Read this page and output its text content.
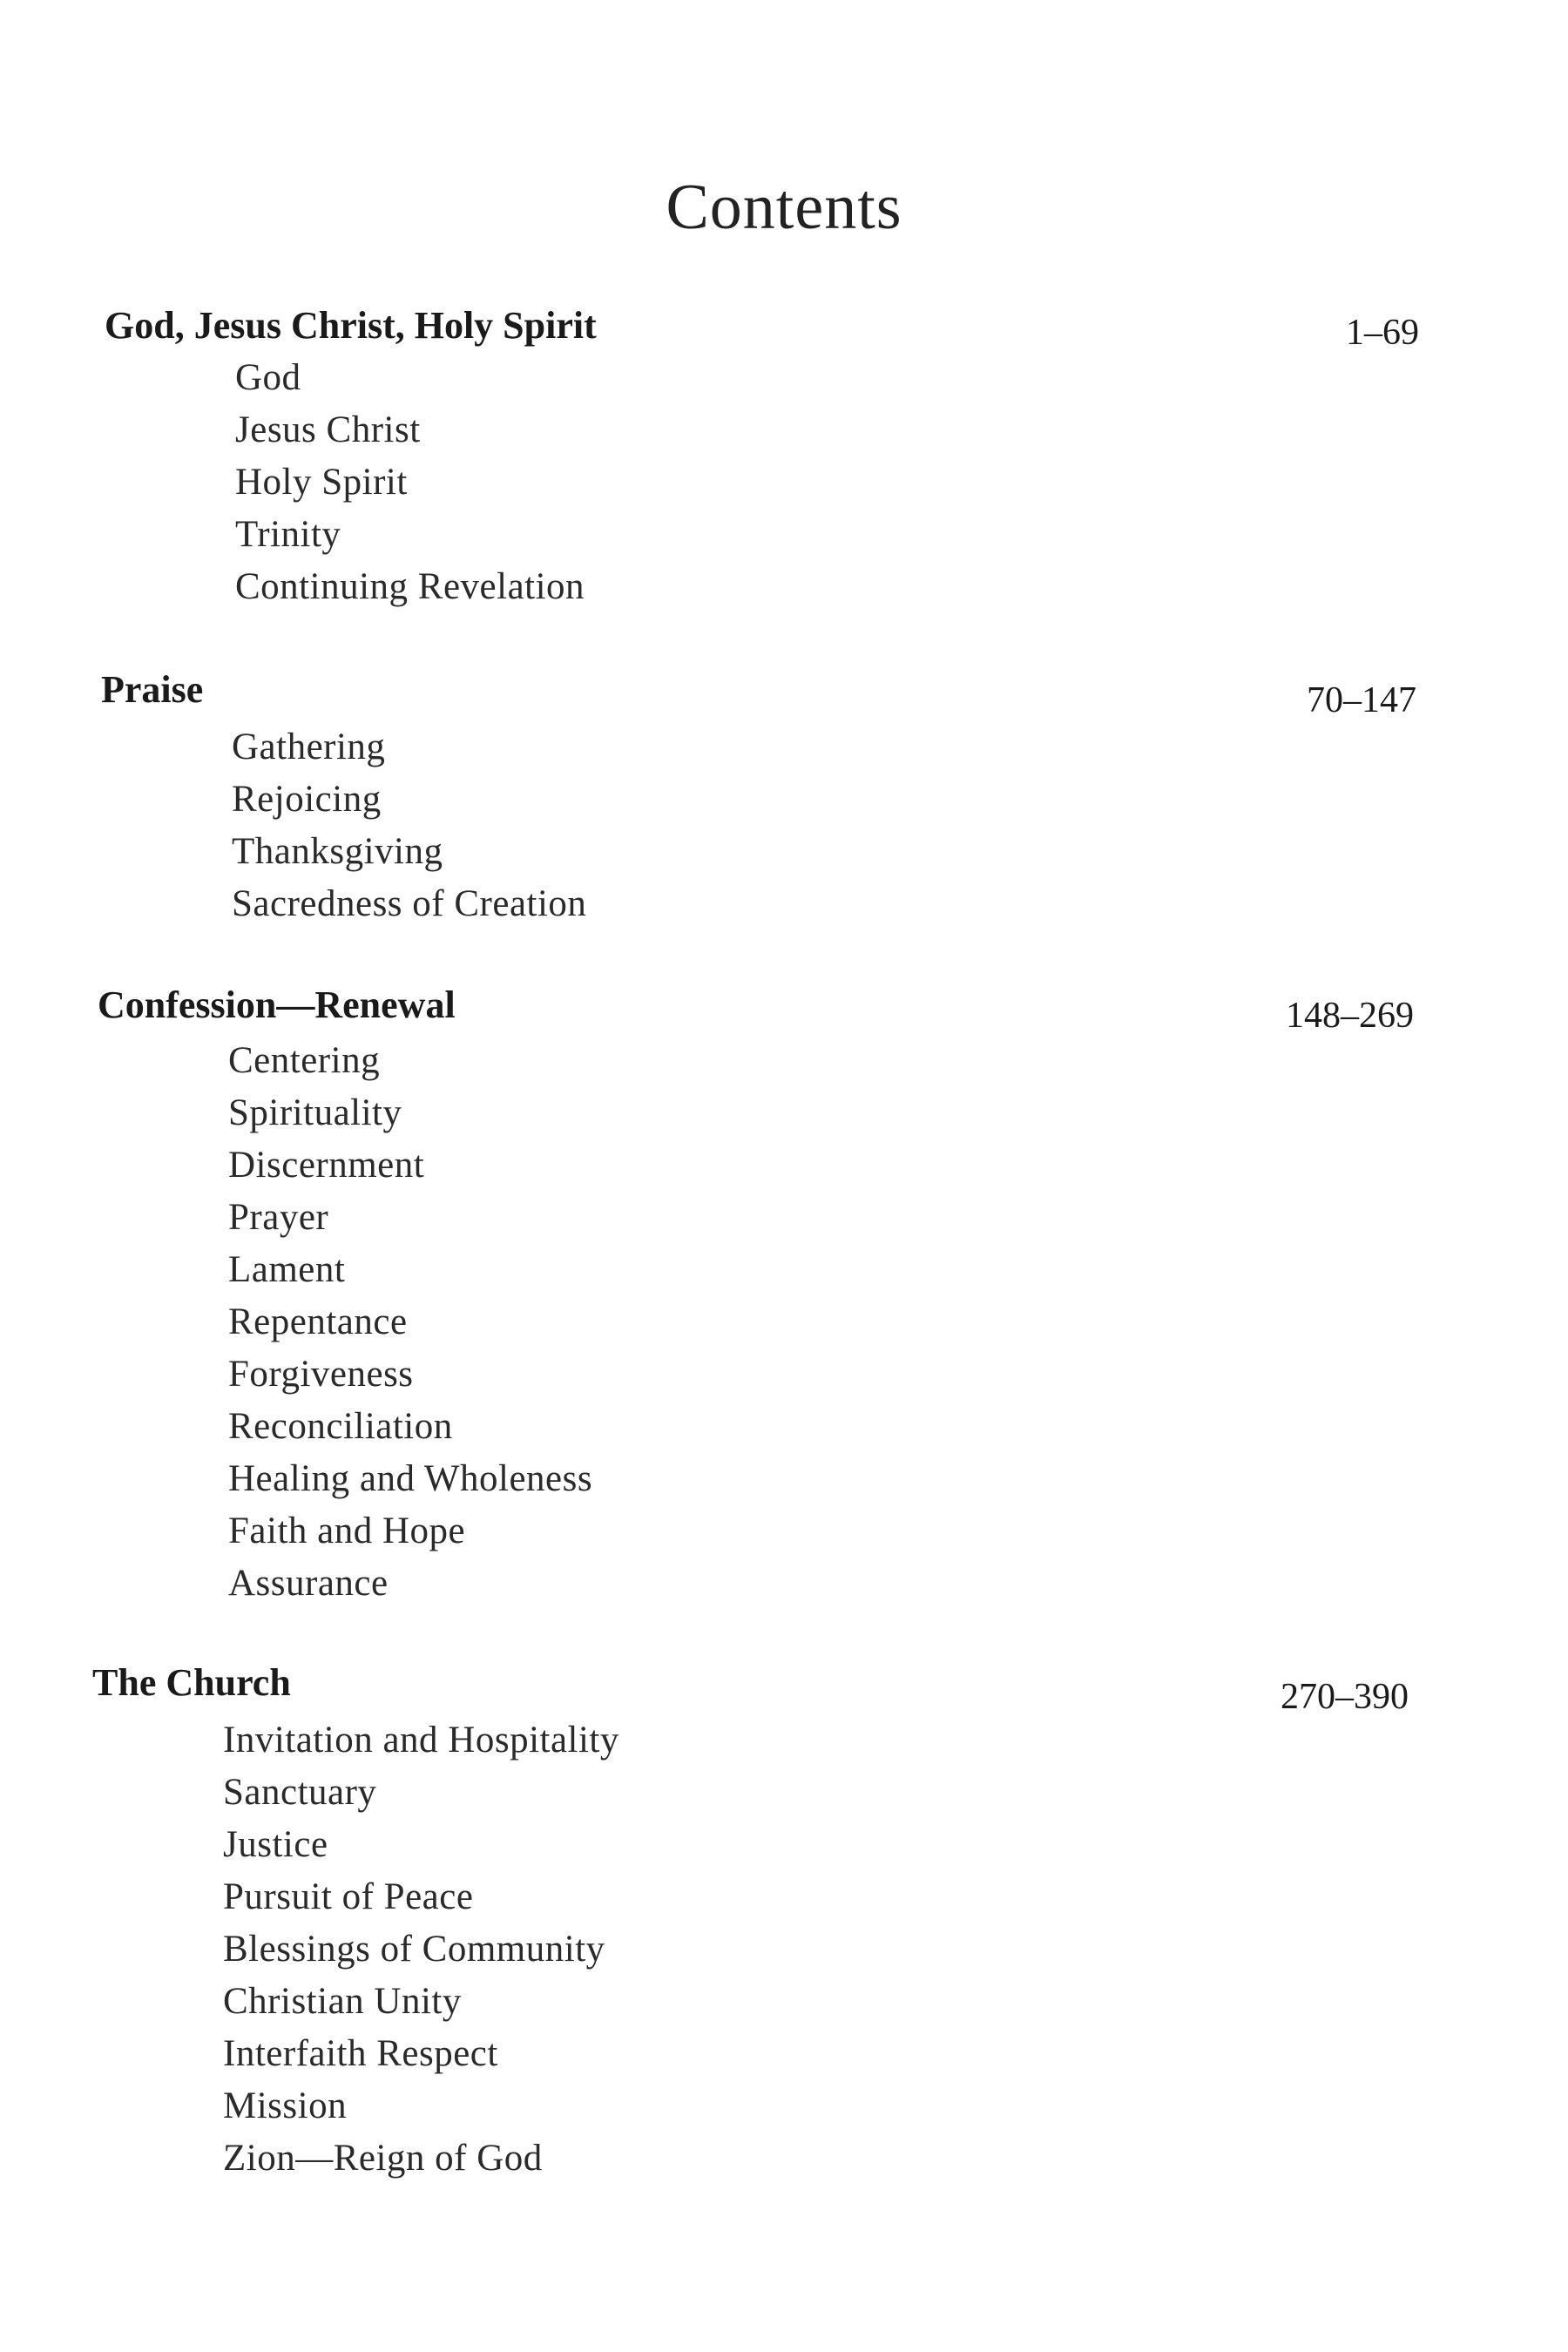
Contents
God, Jesus Christ, Holy Spirit	1–69
God
Jesus Christ
Holy Spirit
Trinity
Continuing Revelation
Praise	70–147
Gathering
Rejoicing
Thanksgiving
Sacredness of Creation
Confession—Renewal	148–269
Centering
Spirituality
Discernment
Prayer
Lament
Repentance
Forgiveness
Reconciliation
Healing and Wholeness
Faith and Hope
Assurance
The Church	270–390
Invitation and Hospitality
Sanctuary
Justice
Pursuit of Peace
Blessings of Community
Christian Unity
Interfaith Respect
Mission
Zion—Reign of God
